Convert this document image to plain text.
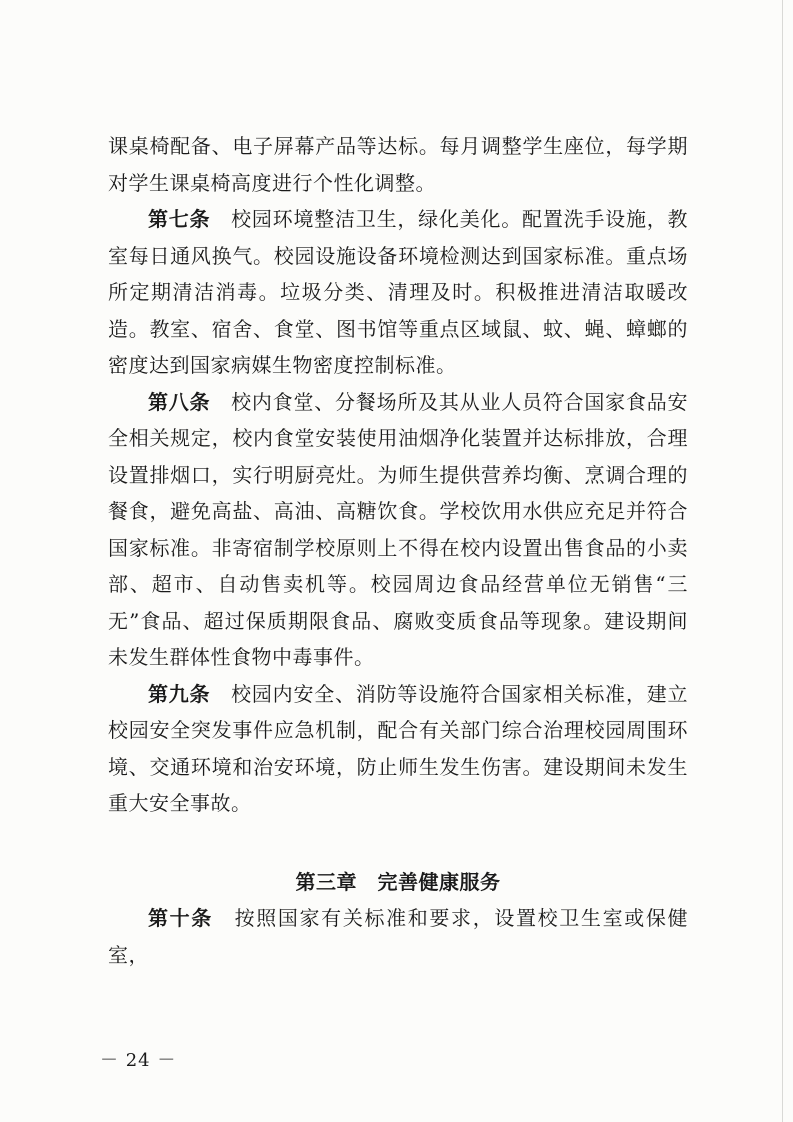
课桌椅配备、电子屏幕产品等达标。每月调整学生座位，每学期对学生课桌椅高度进行个性化调整。

第七条　 校园环境整洁卫生，绿化美化。配置洗手设施，教室每日通风换气。校园设施设备环境检测达到国家标准。重点场所定期清洁消毒。垃圾分类、清理及时。积极推进清洁取暖改造。教室、宿舍、食堂、图书馆等重点区域鼠、蚊、蝇、蟑螂的密度达到国家病媒生物密度控制标准。

第八条　 校内食堂、分餐场所及其从业人员符合国家食品安全相关规定，校内食堂安装使用油烟净化装置并达标排放，合理设置排烟口，实行明厨亮灶。为师生提供营养均衡、烹调合理的餐食，避免高盐、高油、高糖饮食。学校饮用水供应充足并符合国家标准。非寄宿制学校原则上不得在校内设置出售食品的小卖部、超市、自动售卖机等。校园周边食品经营单位无销售“三无”食品、超过保质期限食品、腐败变质食品等现象。建设期间未发生群体性食物中毒事件。

第九条　 校园内安全、消防等设施符合国家相关标准，建立校园安全突发事件应急机制，配合有关部门综合治理校园周围环境、交通环境和治安环境，防止师生发生伤害。建设期间未发生重大安全事故。

第三章　完善健康服务

第十条　 按照国家有关标准和要求，设置校卫生室或保健室，

－ 24 －
